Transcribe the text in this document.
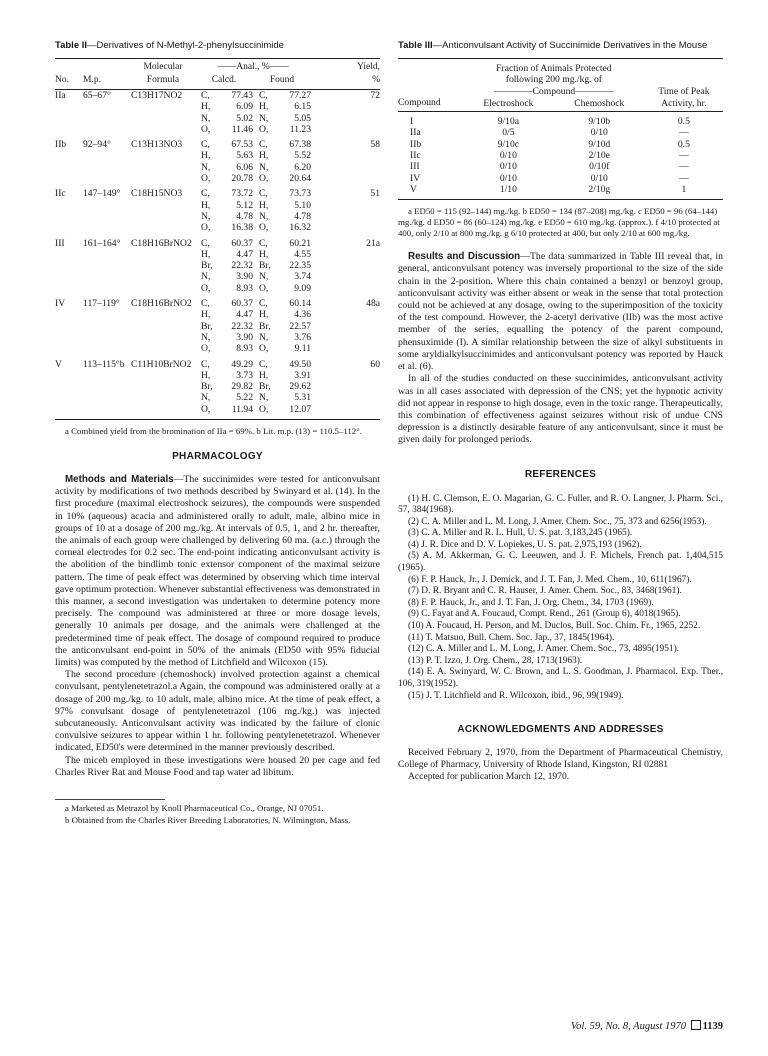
Table II—Derivatives of N-Methyl-2-phenylsuccinimide
No.	M.p.	Molecular	——Anal., %——				Yield,
		Formula	Calcd.		Found		%
IIa	65–67°	C13H17NO2	C,	77.43	C,	77.27	72
			H,	6.09	H,	6.15	
			N,	5.02	N,	5.05	
			O,	11.46	O,	11.23	
IIb	92–94°	C13H13NO3	C,	67.53	C,	67.38	58
			H,	5.63	H,	5.52	
			N,	6.06	N,	6.20	
			O,	20.78	O,	20.64	
IIc	147–149°	C18H15NO3	C,	73.72	C,	73.73	51
			H,	5.12	H,	5.10	
			N,	4.78	N,	4.78	
			O,	16.38	O,	16.32	
III	161–164°	C18H16BrNO2	C,	60.37	C,	60.21	21a
			H,	4.47	H,	4.55	
			Br,	22.32	Br,	22.35	
			N,	3.90	N,	3.74	
			O,	8.93	O,	9.09	
IV	117–119°	C18H16BrNO2	C,	60.37	C,	60.14	48a
			H,	4.47	H,	4.36	
			Br,	22.32	Br,	22.57	
			N,	3.90	N,	3.76	
			O,	8.93	O,	9.11	
V	113–115°b	C11H10BrNO2	C,	49.29	C,	49.50	60
			H,	3.73	H,	3.91	
			Br,	29.82	Br,	29.62	
			N,	5.22	N,	5.31	
			O,	11.94	O,	12.07	

a Combined yield from the bromination of IIa = 69%. b Lit. m.p. (13) = 110.5–112°.

PHARMACOLOGY

Methods and Materials—The succinimides were tested for anticonvulsant activity by modifications of two methods described by Swinyard et al. (14). In the first procedure (maximal electroshock seizures), the compounds were suspended in 10% (aqueous) acacia and administered orally to adult, male, albino mice in groups of 10 at a dosage of 200 mg./kg. At intervals of 0.5, 1, and 2 hr. thereafter, the animals of each group were challenged by delivering 60 ma. (a.c.) through the corneal electrodes for 0.2 sec. The end-point indicating anticonvulsant activity is the abolition of the hindlimb tonic extensor component of the maximal seizure pattern. The time of peak effect was determined by observing which time interval gave optimum protection. Whenever substantial effectiveness was demonstrated in this manner, a second investigation was undertaken to determine potency more precisely. The compound was administered at three or more dosage levels, generally 10 animals per dosage, and the animals were challenged at the predetermined time of peak effect. The dosage of compound required to produce the anticonvulsant end-point in 50% of the animals (ED50 with 95% fiducial limits) was computed by the method of Litchfield and Wilcoxon (15).

The second procedure (chemoshock) involved protection against a chemical convulsant, pentylenetetrazol.a Again, the compound was administered orally at a dosage of 200 mg./kg. to 10 adult, male, albino mice. At the time of peak effect, a 97% convulsant dosage of pentylenetetrazol (106 mg./kg.) was injected subcutaneously. Anticonvulsant activity was indicated by the failure of clonic convulsive seizures to appear within 1 hr. following pentylenetetrazol. Whenever indicated, ED50's were determined in the manner previously described.

The miceb employed in these investigations were housed 20 per cage and fed Charles River Rat and Mouse Food and tap water ad libitum.

a Marketed as Metrazol by Knoll Pharmaceutical Co., Orange, NJ 07051.

b Obtained from the Charles River Breeding Laboratories, N. Wilmington, Mass.

Table III—Anticonvulsant Activity of Succinimide Derivatives in the Mouse
	Fraction of Animals Protected		
	following 200 mg./kg. of		
	————Compound————		Time of Peak
Compound	Electroshock	Chemoshock	Activity, hr.
I	9/10a	9/10b	0.5
IIa	0/5	0/10	—
IIb	9/10c	9/10d	0.5
IIc	0/10	2/10e	—
III	0/10	0/10f	—
IV	0/10	0/10	—
V	1/10	2/10g	1

a ED50 = 115 (92–144) mg./kg. b ED50 = 134 (87–208) mg./kg. c ED50 = 96 (64–144) mg./kg. d ED50 = 86 (60–124) mg./kg. e ED50 = 610 mg./kg. (approx.). f 4/10 protected at 400, only 2/10 at 800 mg./kg. g 6/10 protected at 400, but only 2/10 at 600 mg./kg.

Results and Discussion—The data summarized in Table III reveal that, in general, anticonvulsant potency was inversely proportional to the size of the side chain in the 2-position. Where this chain contained a benzyl or benzoyl group, anticonvulsant activity was either absent or weak in the sense that total protection could not be achieved at any dosage, owing to the superimposition of the toxicity of the test compound. However, the 2-acetyl derivative (IIb) was the most active member of the series, equalling the potency of the parent compound, phensuximide (I). A similar relationship between the size of alkyl substituents in some aryldialkylsuccinimides and anticonvulsant potency was reported by Hauck et al. (6).

In all of the studies conducted on these succinimides, anticonvulsant activity was in all cases associated with depression of the CNS; yet the hypnotic activity did not appear in response to high dosage, even in the toxic range. Therapeutically, this combination of effectiveness against seizures without risk of undue CNS depression is a distinctly desirable feature of any anticonvulsant, since it must be given daily for prolonged periods.

REFERENCES

(1) H. C. Clemson, E. O. Magarian, G. C. Fuller, and R. O. Langner, J. Pharm. Sci., 57, 384(1968).

(2) C. A. Miller and L. M. Long, J. Amer. Chem. Soc., 75, 373 and 6256(1953).

(3) C. A. Miller and R. L. Hull, U. S. pat. 3,183,245 (1965).

(4) J. R. Dice and D. V. Lopiekes, U. S. pat. 2,975,193 (1962).

(5) A. M. Akkerman, G. C. Leeuwen, and J. F. Michels, French pat. 1,404,515 (1965).

(6) F. P. Hauck, Jr., J. Demick, and J. T. Fan, J. Med. Chem., 10, 611(1967).

(7) D. R. Bryant and C. R. Hauser, J. Amer. Chem. Soc., 83, 3468(1961).

(8) F. P. Hauck, Jr., and J. T. Fan, J. Org. Chem., 34, 1703 (1969).

(9) C. Fayat and A. Foucaud, Compt. Rend., 261 (Group 6), 4018(1965).

(10) A. Foucaud, H. Person, and M. Duclos, Bull. Soc. Chim. Fr., 1965, 2252.

(11) T. Matsuo, Bull. Chem. Soc. Jap., 37, 1845(1964).

(12) C. A. Miller and L. M. Long, J. Amer. Chem. Soc., 73, 4895(1951).

(13) P. T. Izzo, J. Org. Chem., 28, 1713(1963).

(14) E. A. Swinyard, W. C. Brown, and L. S. Goodman, J. Pharmacol. Exp. Ther., 106, 319(1952).

(15) J. T. Litchfield and R. Wilcoxon, ibid., 96, 99(1949).

ACKNOWLEDGMENTS AND ADDRESSES

Received February 2, 1970, from the Department of Pharmaceutical Chemistry, College of Pharmacy, University of Rhode Island, Kingston, RI 02881

Accepted for publication March 12, 1970.

Vol. 59, No. 8, August 1970 1139
